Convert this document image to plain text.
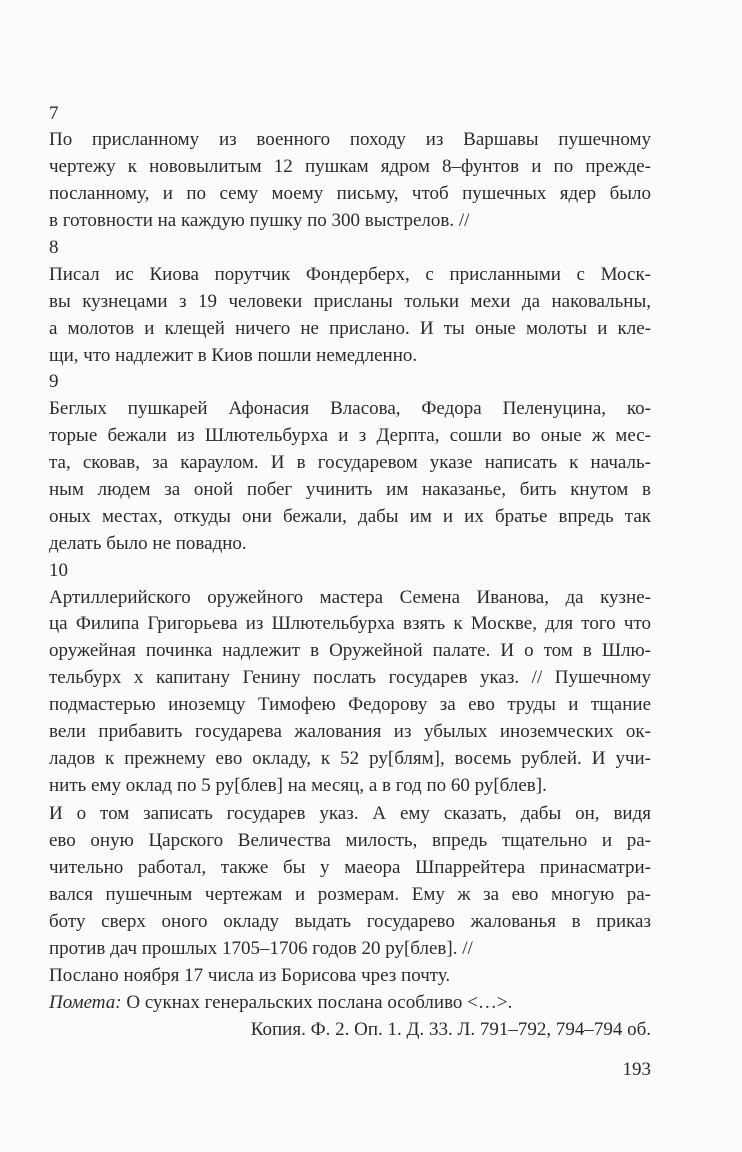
7
По присланному из военного походу из Варшавы пушечному
чертежу к нововылитым 12 пушкам ядром 8–фунтов и по преждe-
посланному, и по сему моему письму, чтоб пушечных ядер было
в готовности на каждую пушку по 300 выстрелов. //
8
Писал ис Киова порутчик Фондерберх, с присланными с Моск-
вы кузнецами з 19 человеки присланы тольки мехи да наковальны,
а молотов и клещей ничего не прислано. И ты оные молоты и кле-
щи, что надлежит в Киов пошли немедленно.
9
Беглых пушкарей Афонасия Власова, Федора Пеленуцина, ко-
торые бежали из Шлютельбурха и з Дерпта, сошли во оные ж мес-
та, сковав, за караулом. И в государевом указе написать к началь-
ным людем за оной побег учинить им наказанье, бить кнутом в
оных местах, откуды они бежали, дабы им и их братье впредь так
делать было не повадно.
10
Артиллерийского оружейного мастера Семена Иванова, да кузне-
ца Филипа Григорьева из Шлютельбурха взять к Москве, для того что
оружейная починка надлежит в Оружейной палате. И о том в Шлю-
тельбурх х капитану Генину послать государев указ. // Пушечному
подмастерью иноземцу Тимофею Федорову за ево труды и тщание
вели прибавить государева жалования из убылых иноземческих ок-
ладов к прежнему ево окладу, к 52 ру[блям], восемь рублей. И учи-
нить ему оклад по 5 ру[блев] на месяц, а в год по 60 ру[блев].
И о том записать государев указ. А ему сказать, дабы он, видя
ево оную Царского Величества милость, впредь тщательно и ра-
чительно работал, также бы у маеора Шпаррейтера принасматри-
вался пушечным чертежам и розмерам. Ему ж за ево многую ра-
боту сверх оного окладу выдать государево жалованья в приказ
против дач прошлых 1705–1706 годов 20 ру[блев]. //
Послано ноября 17 числа из Борисова чрез почту.
Помета: О сукнах генеральских послана особливо <…>.
Копия. Ф. 2. Оп. 1. Д. 33. Л. 791–792, 794–794 об.
193
